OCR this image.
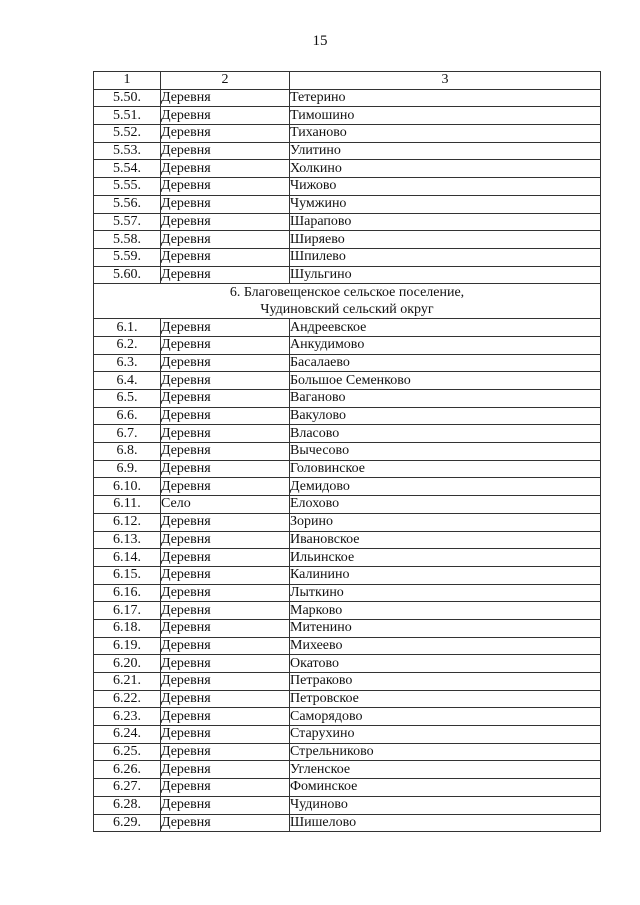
15
1	2	3
5.50.	Деревня	Тетерино
5.51.	Деревня	Тимошино
5.52.	Деревня	Тиханово
5.53.	Деревня	Улитино
5.54.	Деревня	Холкино
5.55.	Деревня	Чижово
5.56.	Деревня	Чумжино
5.57.	Деревня	Шарапово
5.58.	Деревня	Ширяево
5.59.	Деревня	Шпилево
5.60.	Деревня	Шульгино

6. Благовещенское сельское поселение,
Чудиновский сельский округ		

6.1.	Деревня	Андреевское
6.2.	Деревня	Анкудимово
6.3.	Деревня	Басалаево
6.4.	Деревня	Большое Семенково
6.5.	Деревня	Ваганово
6.6.	Деревня	Вакулово
6.7.	Деревня	Власово
6.8.	Деревня	Вычесово
6.9.	Деревня	Головинское
6.10.	Деревня	Демидово
6.11.	Село	Елохово
6.12.	Деревня	Зорино
6.13.	Деревня	Ивановское
6.14.	Деревня	Ильинское
6.15.	Деревня	Калинино
6.16.	Деревня	Лыткино
6.17.	Деревня	Марково
6.18.	Деревня	Митенино
6.19.	Деревня	Михеево
6.20.	Деревня	Окатово
6.21.	Деревня	Петраково
6.22.	Деревня	Петровское
6.23.	Деревня	Саморядово
6.24.	Деревня	Старухино
6.25.	Деревня	Стрельниково
6.26.	Деревня	Угленское
6.27.	Деревня	Фоминское
6.28.	Деревня	Чудиново
6.29.	Деревня	Шишелово
